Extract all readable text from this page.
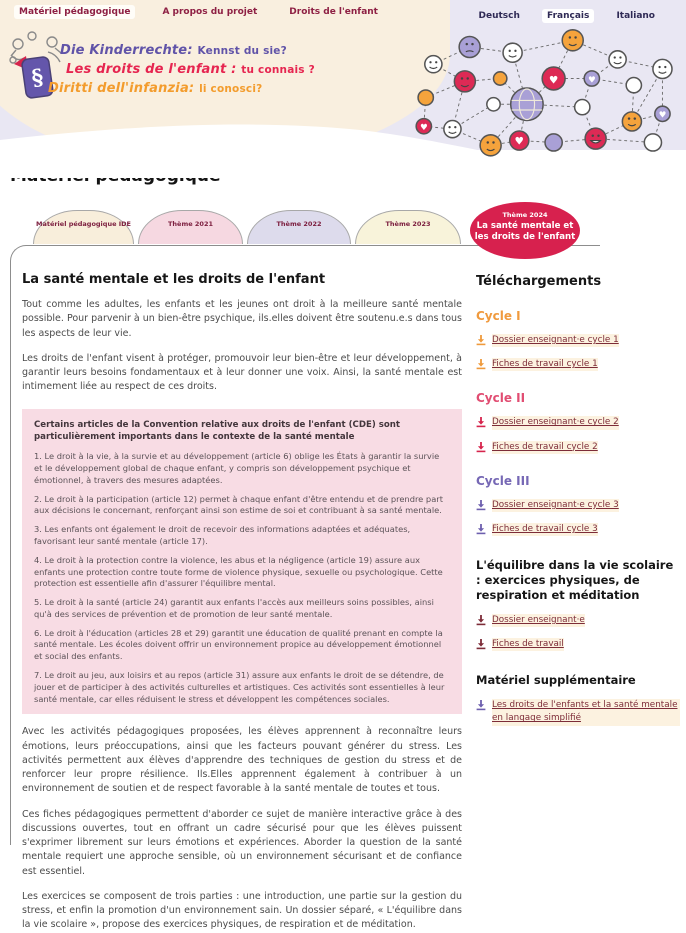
Matériel pédagogique	A propos du projet	Droits de l'enfant	Deutsch	Français	Italiano
§
Die Kinderrechte: Kennst du sie?
Les droits de l'enfant : tu connais ?
Diritti dell'infanzia: li conosci?
♥
♥
♥
♥
♥
Matériel pédagogique IDE	Thème 2021	Thème 2022	Thème 2023
Thème 2024
La santé mentale et
les droits de l'enfant
La santé mentale et les droits de l'enfant

Tout comme les adultes, les enfants et les jeunes ont droit à la meilleure santé mentale possible. Pour parvenir à un bien-être psychique, ils.elles doivent être soutenu.e.s dans tous les aspects de leur vie.

Les droits de l'enfant visent à protéger, promouvoir leur bien-être et leur développement, à garantir leurs besoins fondamentaux et à leur donner une voix. Ainsi, la santé mentale est intimement liée au respect de ces droits.

Certains articles de la Convention relative aux droits de l'enfant (CDE) sont particulièrement importants dans le contexte de la santé mentale

1. Le droit à la vie, à la survie et au développement (article 6) oblige les États à garantir la survie et le développement global de chaque enfant, y compris son développement psychique et émotionnel, à travers des mesures adaptées.

2. Le droit à la participation (article 12) permet à chaque enfant d'être entendu et de prendre part aux décisions le concernant, renforçant ainsi son estime de soi et contribuant à sa santé mentale.

3. Les enfants ont également le droit de recevoir des informations adaptées et adéquates, favorisant leur santé mentale (article 17).

4. Le droit à la protection contre la violence, les abus et la négligence (article 19) assure aux enfants une protection contre toute forme de violence physique, sexuelle ou psychologique. Cette protection est essentielle afin d'assurer l'équilibre mental.

5. Le droit à la santé (article 24) garantit aux enfants l'accès aux meilleurs soins possibles, ainsi qu'à des services de prévention et de promotion de leur santé mentale.

6. Le droit à l'éducation (articles 28 et 29) garantit une éducation de qualité prenant en compte la santé mentale. Les écoles doivent offrir un environnement propice au développement émotionnel et social des enfants.

7. Le droit au jeu, aux loisirs et au repos (article 31) assure aux enfants le droit de se détendre, de jouer et de participer à des activités culturelles et artistiques. Ces activités sont essentielles à leur santé mentale, car elles réduisent le stress et développent les compétences sociales.

Avec les activités pédagogiques proposées, les élèves apprennent à reconnaître leurs émotions, leurs préoccupations, ainsi que les facteurs pouvant générer du stress. Les activités permettent aux élèves d'apprendre des techniques de gestion du stress et de renforcer leur propre résilience. Ils.Elles apprennent également à contribuer à un environnement de soutien et de respect favorable à la santé mentale de toutes et tous.

Ces fiches pédagogiques permettent d'aborder ce sujet de manière interactive grâce à des discussions ouvertes, tout en offrant un cadre sécurisé pour que les élèves puissent s'exprimer librement sur leurs émotions et expériences. Aborder la question de la santé mentale requiert une approche sensible, où un environnement sécurisant et de confiance est essentiel.

Les exercices se composent de trois parties : une introduction, une partie sur la gestion du stress, et enfin la promotion d'un environnement sain. Un dossier séparé, « L'équilibre dans la vie scolaire », propose des exercices physiques, de respiration et de méditation.

Téléchargements
Cycle I
Dossier enseignant·e cycle 1
Fiches de travail cycle 1
Cycle II
Dossier enseignant·e cycle 2
Fiches de travail cycle 2
Cycle III
Dossier enseignant·e cycle 3
Fiches de travail cycle 3
L'équilibre dans la vie scolaire : exercices physiques, de respiration et méditation
Dossier enseignant·e
Fiches de travail
Matériel supplémentaire
Les droits de l'enfants et la santé mentale en langage simplifié
